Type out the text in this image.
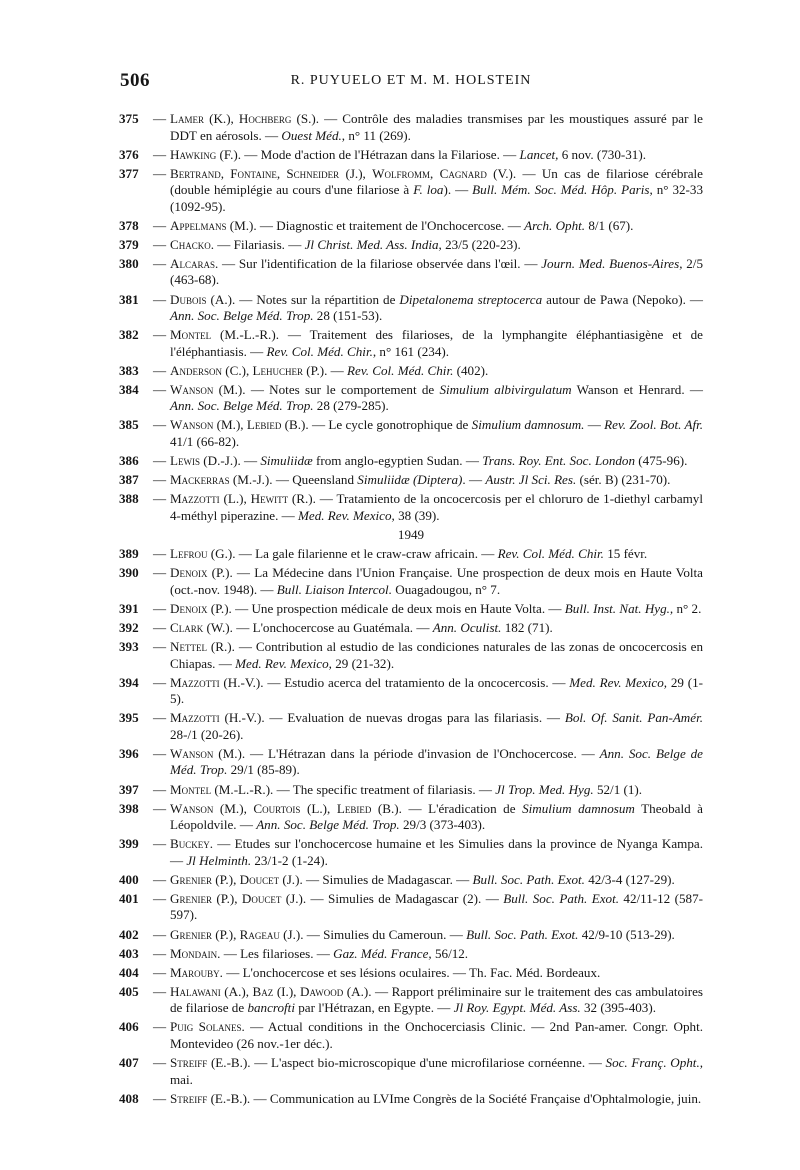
506	R. PUYUELO ET M. M. HOLSTEIN
375	— Lamer (K.), Hochberg (S.). — Contrôle des maladies transmises par les moustiques assuré par le DDT en aérosols. — Ouest Méd., n° 11 (269).
376	— Hawking (F.). — Mode d'action de l'Hétrazan dans la Filariose. — Lancet, 6 nov. (730-31).
377	— Bertrand, Fontaine, Schneider (J.), Wolfromm, Cagnard (V.). — Un cas de filariose cérébrale (double hémiplégie au cours d'une filariose à F. loa). — Bull. Mém. Soc. Méd. Hôp. Paris, n° 32-33 (1092-95).
378	— Appelmans (M.). — Diagnostic et traitement de l'Onchocercose. — Arch. Opht. 8/1 (67).
379	— Chacko. — Filariasis. — Jl Christ. Med. Ass. India, 23/5 (220-23).
380	— Alcaras. — Sur l'identification de la filariose observée dans l'œil. — Journ. Med. Buenos-Aires, 2/5 (463-68).
381	— Dubois (A.). — Notes sur la répartition de Dipetalonema streptocerca autour de Pawa (Nepoko). — Ann. Soc. Belge Méd. Trop. 28 (151-53).
382	— Montel (M.-L.-R.). — Traitement des filarioses, de la lymphangite éléphantiasigène et de l'éléphantiasis. — Rev. Col. Méd. Chir., n° 161 (234).
383	— Anderson (C.), Lehucher (P.). — Rev. Col. Méd. Chir. (402).
384	— Wanson (M.). — Notes sur le comportement de Simulium albivirgulatum Wanson et Henrard. — Ann. Soc. Belge Méd. Trop. 28 (279-285).
385	— Wanson (M.), Lebied (B.). — Le cycle gonotrophique de Simulium damnosum. — Rev. Zool. Bot. Afr. 41/1 (66-82).
386	— Lewis (D.-J.). — Simuliidæ from anglo-egyptien Sudan. — Trans. Roy. Ent. Soc. London (475-96).
387	— Mackerras (M.-J.). — Queensland Simuliidæ (Diptera). — Austr. Jl Sci. Res. (sér. B) (231-70).
388	— Mazzotti (L.), Hewitt (R.). — Tratamiento de la oncocercosis per el chloruro de 1-diethyl carbamyl 4-méthyl piperazine. — Med. Rev. Mexico, 38 (39).
1949
389	— Lefrou (G.). — La gale filarienne et le craw-craw africain. — Rev. Col. Méd. Chir. 15 févr.
390	— Denoix (P.). — La Médecine dans l'Union Française. Une prospection de deux mois en Haute Volta (oct.-nov. 1948). — Bull. Liaison Intercol. Ouagadougou, n° 7.
391	— Denoix (P.). — Une prospection médicale de deux mois en Haute Volta. — Bull. Inst. Nat. Hyg., n° 2.
392	— Clark (W.). — L'onchocercose au Guatémala. — Ann. Oculist. 182 (71).
393	— Nettel (R.). — Contribution al estudio de las condiciones naturales de las zonas de oncocercosis en Chiapas. — Med. Rev. Mexico, 29 (21-32).
394	— Mazzotti (H.-V.). — Estudio acerca del tratamiento de la oncocercosis. — Med. Rev. Mexico, 29 (1-5).
395	— Mazzotti (H.-V.). — Evaluation de nuevas drogas para las filariasis. — Bol. Of. Sanit. Pan-Amér. 28-/1 (20-26).
396	— Wanson (M.). — L'Hétrazan dans la période d'invasion de l'Onchocercose. — Ann. Soc. Belge de Méd. Trop. 29/1 (85-89).
397	— Montel (M.-L.-R.). — The specific treatment of filariasis. — Jl Trop. Med. Hyg. 52/1 (1).
398	— Wanson (M.), Courtois (L.), Lebied (B.). — L'éradication de Simulium damnosum Theobald à Léopoldvile. — Ann. Soc. Belge Méd. Trop. 29/3 (373-403).
399	— Buckey. — Etudes sur l'onchocercose humaine et les Simulies dans la province de Nyanga Kampa. — Jl Helminth. 23/1-2 (1-24).
400	— Grenier (P.), Doucet (J.). — Simulies de Madagascar. — Bull. Soc. Path. Exot. 42/3-4 (127-29).
401	— Grenier (P.), Doucet (J.). — Simulies de Madagascar (2). — Bull. Soc. Path. Exot. 42/11-12 (587-597).
402	— Grenier (P.), Rageau (J.). — Simulies du Cameroun. — Bull. Soc. Path. Exot. 42/9-10 (513-29).
403	— Mondain. — Les filarioses. — Gaz. Méd. France, 56/12.
404	— Marouby. — L'onchocercose et ses lésions oculaires. — Th. Fac. Méd. Bordeaux.
405	— Halawani (A.), Baz (I.), Dawood (A.). — Rapport préliminaire sur le traitement des cas ambulatoires de filariose de bancrofti par l'Hétrazan, en Egypte. — Jl Roy. Egypt. Méd. Ass. 32 (395-403).
406	— Puig Solanes. — Actual conditions in the Onchocerciasis Clinic. — 2nd Pan-amer. Congr. Opht. Montevideo (26 nov.-1er déc.).
407	— Streiff (E.-B.). — L'aspect bio-microscopique d'une microfilariose cornéenne. — Soc. Franç. Opht., mai.
408	— Streiff (E.-B.). — Communication au LVIme Congrès de la Société Française d'Ophtalmologie, juin.
